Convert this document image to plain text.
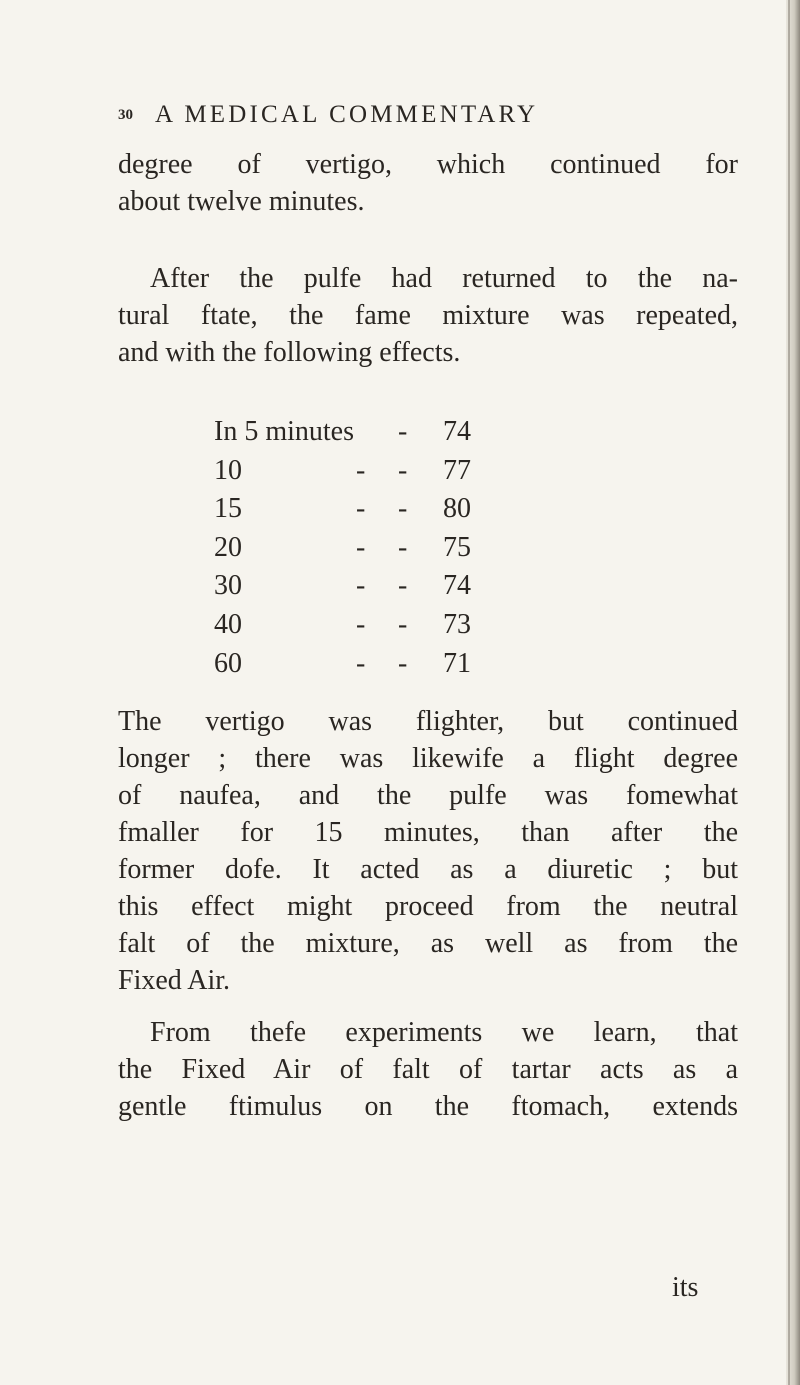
30 A MEDICAL COMMENTARY

degree of vertigo, which continued for
about twelve minutes.

After the pulfe had returned to the na-
tural ftate, the fame mixture was repeated,
and with the following effects.

In 5 minutes - 74
10	- - 77
15	- - 80
20	- - 75
30	- - 74
40	- - 73
60	- - 71

The vertigo was flighter, but continued
longer ; there was likewife a flight degree
of naufea, and the pulfe was fomewhat
fmaller for 15 minutes, than after the
former dofe. It acted as a diuretic ; but
this effect might proceed from the neutral
falt of the mixture, as well as from the
Fixed Air.

From thefe experiments we learn, that
the Fixed Air of falt of tartar acts as a
gentle ftimulus on the ftomach, extends

its
